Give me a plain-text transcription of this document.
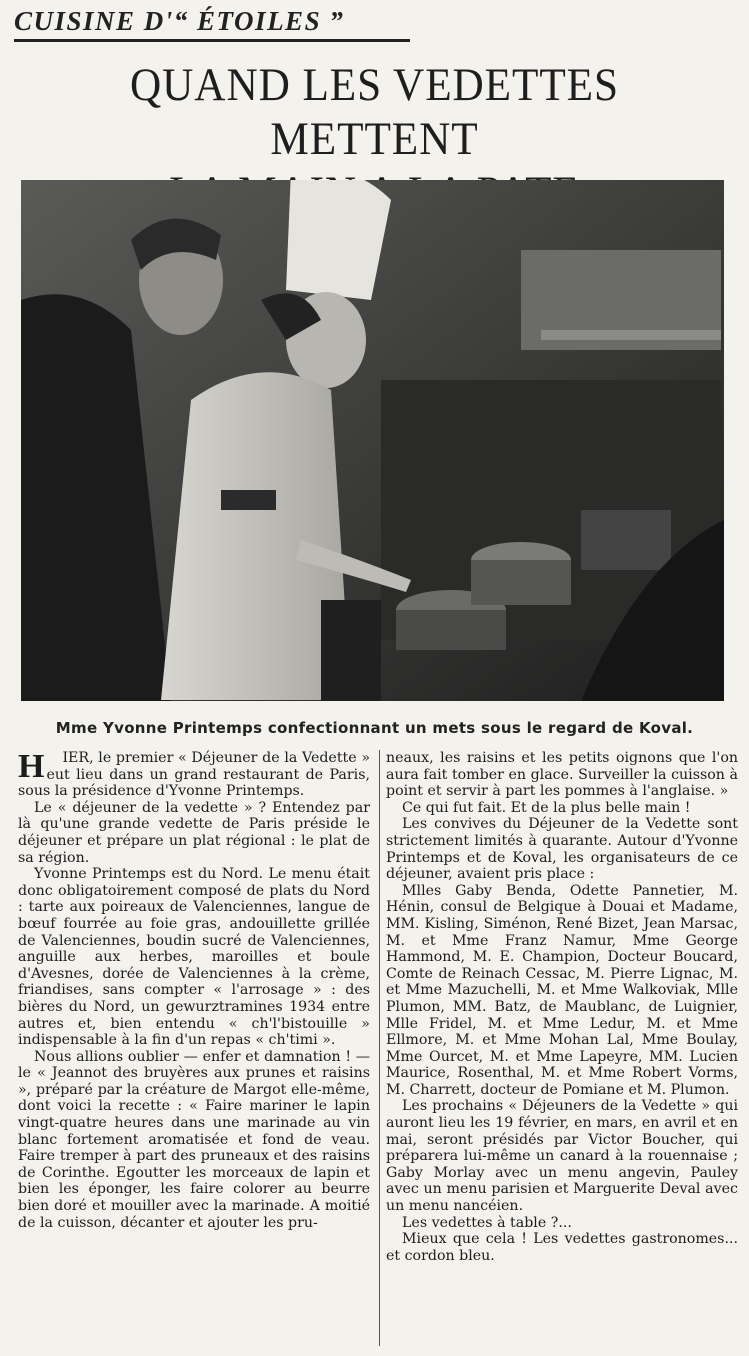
CUISINE D'“ ÉTOILES ”
QUAND LES VEDETTES METTENT
Mme Yvonne Printemps confectionnant un mets sous le regard de Koval.

H IER, le premier « Déjeuner de la Vedette » eut lieu dans un grand restaurant de Paris, sous la présidence d'Yvonne Printemps.

Le « déjeuner de la vedette » ? Entendez par là qu'une grande vedette de Paris préside le déjeuner et prépare un plat régional : le plat de sa région.

Yvonne Printemps est du Nord. Le menu était donc obligatoirement composé de plats du Nord : tarte aux poireaux de Valenciennes, langue de bœuf fourrée au foie gras, andouillette grillée de Valenciennes, boudin sucré de Valenciennes, anguille aux herbes, maroilles et boule d'Avesnes, dorée de Valenciennes à la crème, friandises, sans compter « l'arrosage » : des bières du Nord, un gewurztramines 1934 entre autres et, bien entendu « ch'l'bistouille » indispensable à la fin d'un repas « ch'timi ».

Nous allions oublier — enfer et damnation ! — le « Jeannot des bruyères aux prunes et raisins », préparé par la créature de Margot elle-même, dont voici la recette : « Faire mariner le lapin vingt-quatre heures dans une marinade au vin blanc fortement aromatisée et fond de veau. Faire tremper à part des pruneaux et des raisins de Corinthe. Egoutter les morceaux de lapin et bien les éponger, les faire colorer au beurre bien doré et mouiller avec la marinade. A moitié de la cuisson, décanter et ajouter les pru-

neaux, les raisins et les petits oignons que l'on aura fait tomber en glace. Surveiller la cuisson à point et servir à part les pommes à l'anglaise. »

Ce qui fut fait. Et de la plus belle main !

Les convives du Déjeuner de la Vedette sont strictement limités à quarante. Autour d'Yvonne Printemps et de Koval, les organisateurs de ce déjeuner, avaient pris place :

Mlles Gaby Benda, Odette Pannetier, M. Hénin, consul de Belgique à Douai et Madame, MM. Kisling, Siménon, René Bizet, Jean Marsac, M. et Mme Franz Namur, Mme George Hammond, M. E. Champion, Docteur Boucard, Comte de Reinach Cessac, M. Pierre Lignac, M. et Mme Mazuchelli, M. et Mme Walkoviak, Mlle Plumon, MM. Batz, de Maublanc, de Luignier, Mlle Fridel, M. et Mme Ledur, M. et Mme Ellmore, M. et Mme Mohan Lal, Mme Boulay, Mme Ourcet, M. et Mme Lapeyre, MM. Lucien Maurice, Rosenthal, M. et Mme Robert Vorms, M. Charrett, docteur de Pomiane et M. Plumon.

Les prochains « Déjeuners de la Vedette » qui auront lieu les 19 février, en mars, en avril et en mai, seront présidés par Victor Boucher, qui préparera lui-même un canard à la rouennaise ; Gaby Morlay avec un menu angevin, Pauley avec un menu parisien et Marguerite Deval avec un menu nancéien.

Les vedettes à table ?...

Mieux que cela ! Les vedettes gastronomes... et cordon bleu.
